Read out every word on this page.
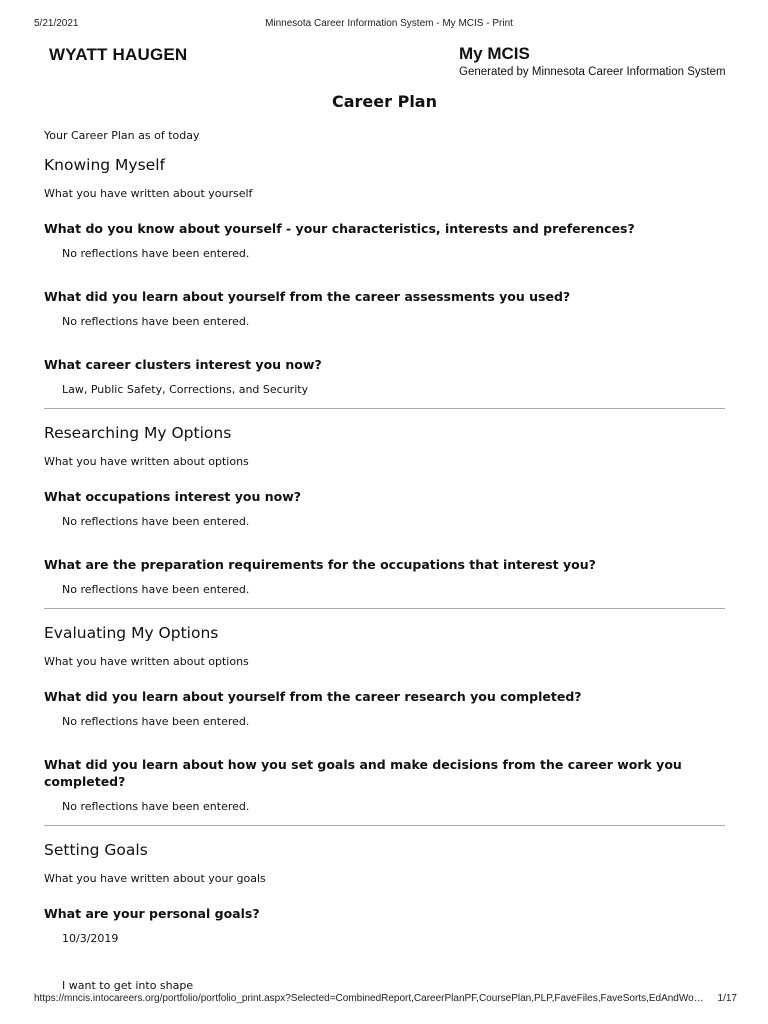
5/21/2021	Minnesota Career Information System - My MCIS - Print
WYATT HAUGEN	My MCIS
Generated by Minnesota Career Information System
Career Plan
Your Career Plan as of today
Knowing Myself
What you have written about yourself
What do you know about yourself - your characteristics, interests and preferences?
No reflections have been entered.
What did you learn about yourself from the career assessments you used?
No reflections have been entered.
What career clusters interest you now?
Law, Public Safety, Corrections, and Security
Researching My Options
What you have written about options
What occupations interest you now?
No reflections have been entered.
What are the preparation requirements for the occupations that interest you?
No reflections have been entered.
Evaluating My Options
What you have written about options
What did you learn about yourself from the career research you completed?
No reflections have been entered.
What did you learn about how you set goals and make decisions from the career work you completed?
No reflections have been entered.
Setting Goals
What you have written about your goals
What are your personal goals?
10/3/2019
I want to get into shape
https://mncis.intocareers.org/portfolio/portfolio_print.aspx?Selected=CombinedReport,CareerPlanPF,CoursePlan,PLP,FaveFiles,FaveSorts,EdAndWo… 1/17
